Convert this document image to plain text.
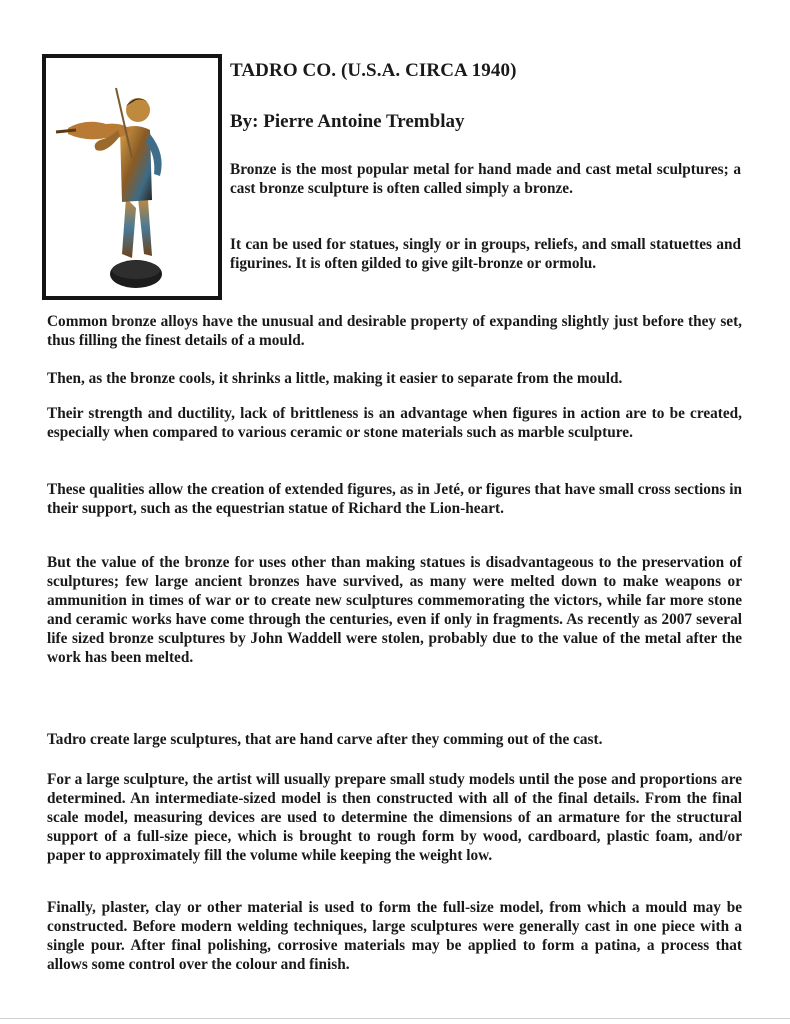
TADRO CO. (U.S.A. CIRCA 1940)
By: Pierre Antoine Tremblay

Bronze is the most popular metal for hand made and cast metal sculptures; a cast bronze sculpture is often called simply a bronze.

It can be used for statues, singly or in groups, reliefs, and small statuettes and figurines. It is often gilded to give gilt-bronze or ormolu.

Common bronze alloys have the unusual and desirable property of expanding slightly just before they set, thus filling the finest details of a mould.

Then, as the bronze cools, it shrinks a little, making it easier to separate from the mould.

Their strength and ductility, lack of brittleness is an advantage when figures in action are to be created, especially when compared to various ceramic or stone materials such as marble sculpture.

These qualities allow the creation of extended figures, as in Jeté, or figures that have small cross sections in their support, such as the equestrian statue of Richard the Lion-heart.

But the value of the bronze for uses other than making statues is disadvantageous to the preservation of sculptures; few large ancient bronzes have survived, as many were melted down to make weapons or ammunition in times of war or to create new sculptures commemorating the victors, while far more stone and ceramic works have come through the centuries, even if only in fragments. As recently as 2007 several life sized bronze sculptures by John Waddell were stolen, probably due to the value of the metal after the work has been melted.

Tadro create large sculptures, that are hand carve after they comming out of the cast.

For a large sculpture, the artist will usually prepare small study models until the pose and proportions are determined. An intermediate-sized model is then constructed with all of the final details. From the final scale model, measuring devices are used to determine the dimensions of an armature for the structural support of a full-size piece, which is brought to rough form by wood, cardboard, plastic foam, and/or paper to approximately fill the volume while keeping the weight low.

Finally, plaster, clay or other material is used to form the full-size model, from which a mould may be constructed. Before modern welding techniques, large sculptures were generally cast in one piece with a single pour. After final polishing, corrosive materials may be applied to form a patina, a process that allows some control over the colour and finish.
